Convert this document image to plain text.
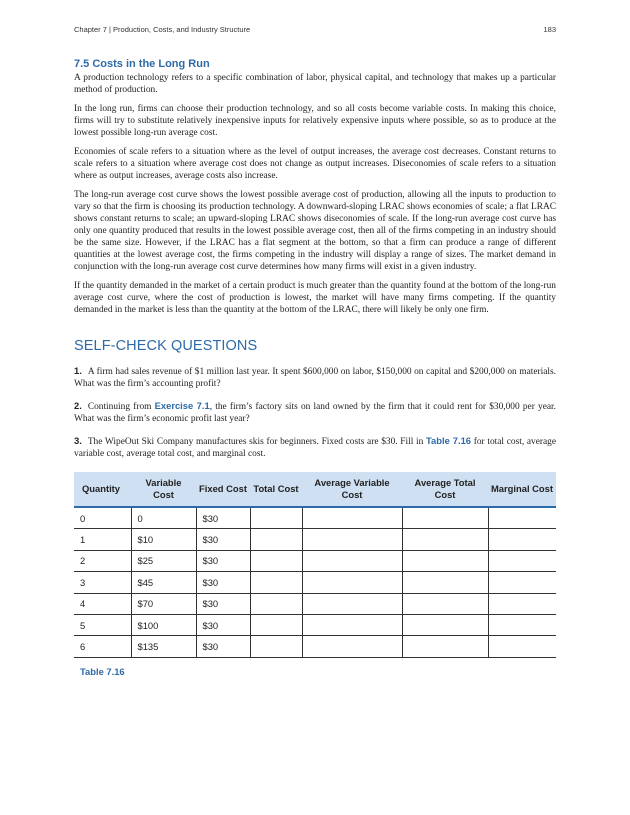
Chapter 7 | Production, Costs, and Industry Structure	183
7.5 Costs in the Long Run

A production technology refers to a specific combination of labor, physical capital, and technology that makes up a particular method of production.

In the long run, firms can choose their production technology, and so all costs become variable costs. In making this choice, firms will try to substitute relatively inexpensive inputs for relatively expensive inputs where possible, so as to produce at the lowest possible long-run average cost.

Economies of scale refers to a situation where as the level of output increases, the average cost decreases. Constant returns to scale refers to a situation where average cost does not change as output increases. Diseconomies of scale refers to a situation where as output increases, average costs also increase.

The long-run average cost curve shows the lowest possible average cost of production, allowing all the inputs to production to vary so that the firm is choosing its production technology. A downward-sloping LRAC shows economies of scale; a flat LRAC shows constant returns to scale; an upward-sloping LRAC shows diseconomies of scale. If the long-run average cost curve has only one quantity produced that results in the lowest possible average cost, then all of the firms competing in an industry should be the same size. However, if the LRAC has a flat segment at the bottom, so that a firm can produce a range of different quantities at the lowest average cost, the firms competing in the industry will display a range of sizes. The market demand in conjunction with the long-run average cost curve determines how many firms will exist in a given industry.

If the quantity demanded in the market of a certain product is much greater than the quantity found at the bottom of the long-run average cost curve, where the cost of production is lowest, the market will have many firms competing. If the quantity demanded in the market is less than the quantity at the bottom of the LRAC, there will likely be only one firm.

SELF-CHECK QUESTIONS
1. A firm had sales revenue of $1 million last year. It spent $600,000 on labor, $150,000 on capital and $200,000 on materials. What was the firm’s accounting profit?
2. Continuing from Exercise 7.1, the firm’s factory sits on land owned by the firm that it could rent for $30,000 per year. What was the firm’s economic profit last year?
3. The WipeOut Ski Company manufactures skis for beginners. Fixed costs are $30. Fill in Table 7.16 for total cost, average variable cost, average total cost, and marginal cost.
Quantity	Variable Cost	Fixed Cost	Total Cost	Average Variable Cost	Average Total Cost	Marginal Cost
0	0	$30				
1	$10	$30				
2	$25	$30				
3	$45	$30				
4	$70	$30				
5	$100	$30				
6	$135	$30				
Table 7.16
